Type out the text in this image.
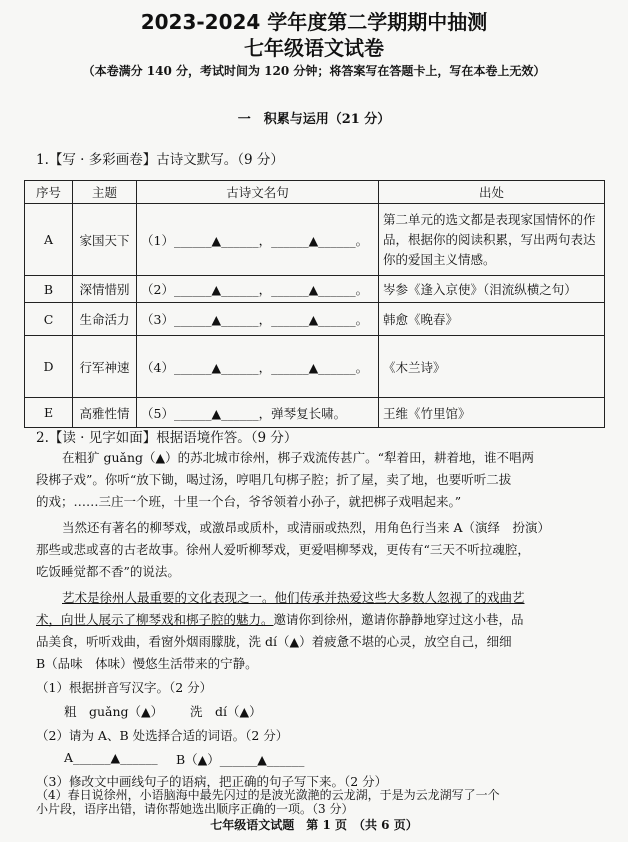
2023-2024 学年度第二学期期中抽测
七年级语文试卷
（本卷满分 140 分，考试时间为 120 分钟；将答案写在答题卡上，写在本卷上无效）
一　积累与运用（21 分）
1.【写 · 多彩画卷】古诗文默写。（9 分）
序号	主题	古诗文名句	出处
A	家国天下	（1）______▲______，______▲______。	第二单元的选文都是表现家国情怀的作品，根据你的阅读积累，写出两句表达你的爱国主义情感。
B	深情惜别	（2）______▲______，______▲______。	岑参《逢入京使》（泪流纵横之句）
C	生命活力	（3）______▲______，______▲______。	韩愈《晚春》
D	行军神速	（4）______▲______，______▲______。	《木兰诗》
E	高雅性情	（5）______▲______，弹琴复长啸。	王维《竹里馆》
2.【读 · 见字如面】根据语境作答。（9 分）
在粗犷 guǎng（▲）的苏北城市徐州，梆子戏流传甚广。“犁着田，耕着地，谁不唱两
段梆子戏”。你听“放下锄，喝过汤，哼唱几句梆子腔；折了屋，卖了地，也要听听二拔
的戏；……三庄一个班，十里一个台，爷爷领着小孙子，就把梆子戏唱起来。”
当然还有著名的柳琴戏，或激昂或质朴，或清丽或热烈，用角色行当来 A（演绎　扮演）
那些或悲或喜的古老故事。徐州人爱听柳琴戏，更爱唱柳琴戏，更传有“三天不听拉魂腔，
吃饭睡觉都不香”的说法。
艺术是徐州人最重要的文化表现之一。他们传承并热爱这些大多数人忽视了的戏曲艺
术，向世人展示了柳琴戏和梆子腔的魅力。邀请你到徐州，邀请你静静地穿过这小巷，品
品美食，听听戏曲，看窗外烟雨朦胧，洗 dí（▲）着疲惫不堪的心灵，放空自己，细细
B（品味　体味）慢悠生活带来的宁静。
（1）根据拼音写汉字。（2 分）
粗　guǎng（▲） 洗　dí（▲）
（2）请为 A、B 处选择合适的词语。（2 分）
A______▲______ B（▲）______▲______
（3）修改文中画线句子的语病，把正确的句子写下来。（2 分）
（4）春日说徐州，小语脑海中最先闪过的是波光潋滟的云龙湖，于是为云龙湖写了一个
小片段，语序出错，请你帮她选出顺序正确的一项。（3 分）
七年级语文试题　第 1 页　（共 6 页）
